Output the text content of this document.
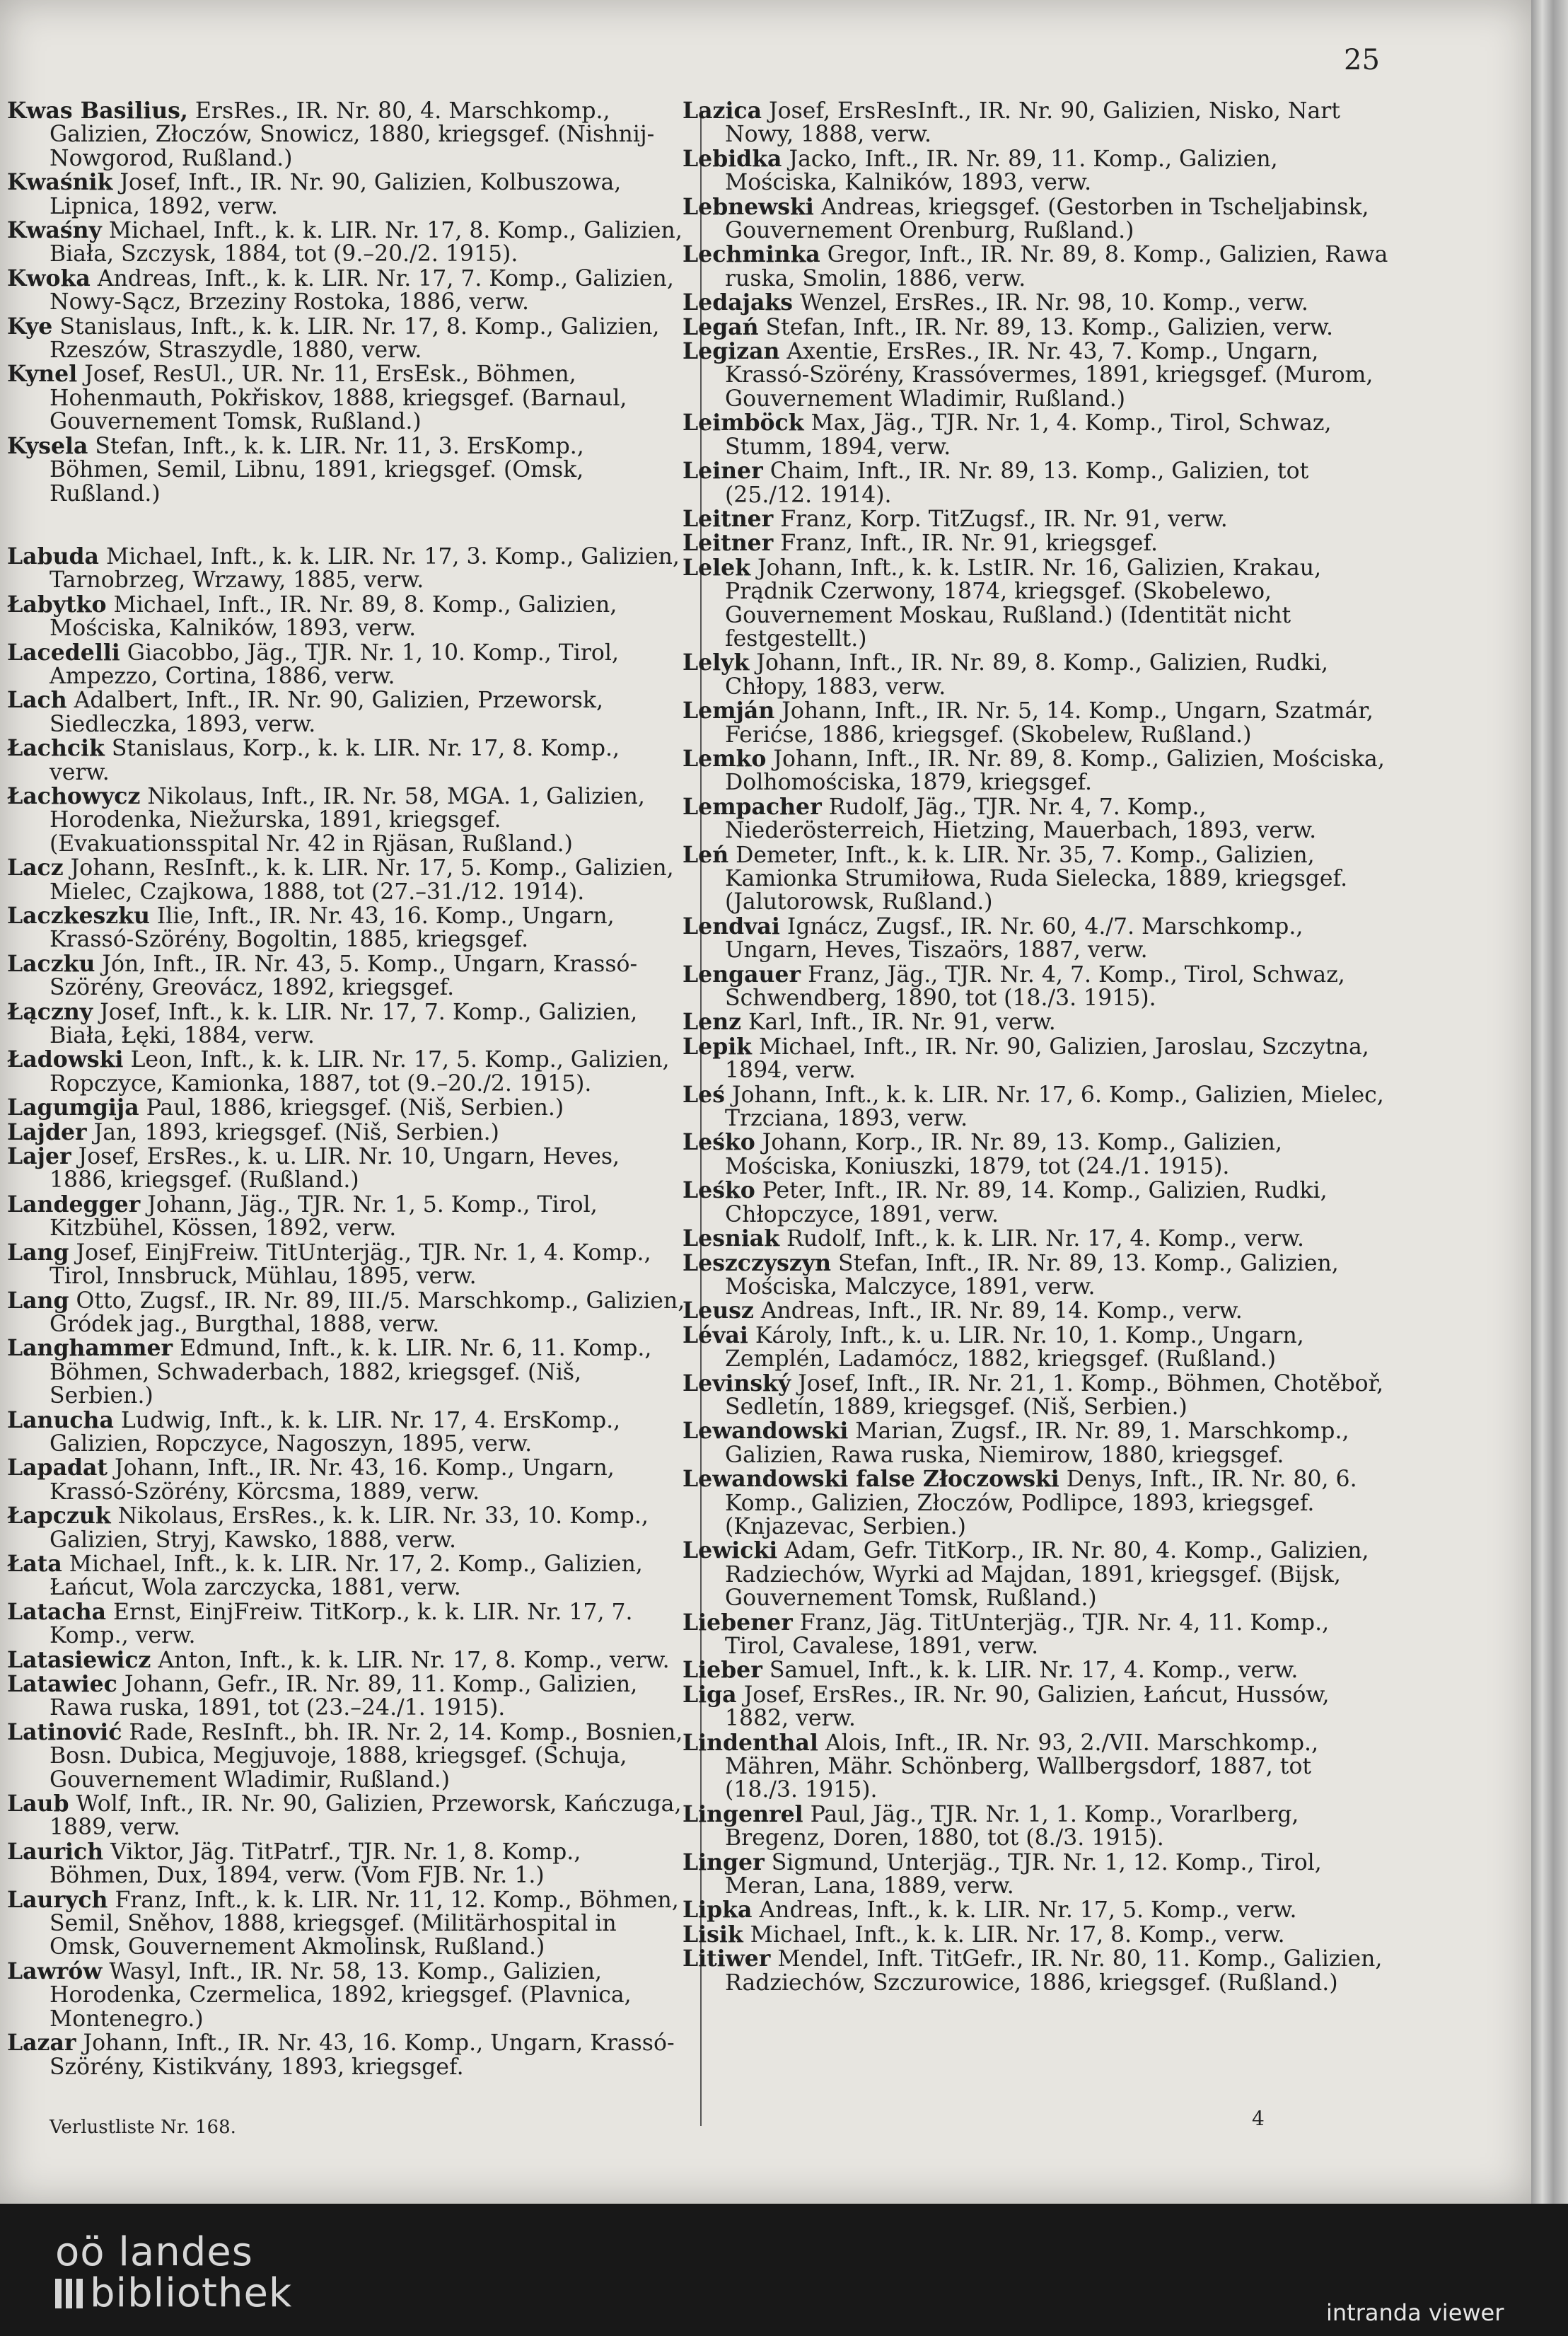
25

Kwas Basilius, ErsRes., IR. Nr. 80, 4. Marschkomp., Galizien, Złoczów, Snowicz, 1880, kriegsgef. (Nishnij-Nowgorod, Rußland.)

Kwaśnik Josef, Inft., IR. Nr. 90, Galizien, Kolbuszowa, Lipnica, 1892, verw.

Kwaśny Michael, Inft., k. k. LIR. Nr. 17, 8. Komp., Galizien, Biała, Szczysk, 1884, tot (9.–20./2. 1915).

Kwoka Andreas, Inft., k. k. LIR. Nr. 17, 7. Komp., Galizien, Nowy-Sącz, Brzeziny Rostoka, 1886, verw.

Kye Stanislaus, Inft., k. k. LIR. Nr. 17, 8. Komp., Galizien, Rzeszów, Straszydle, 1880, verw.

Kynel Josef, ResUl., UR. Nr. 11, ErsEsk., Böhmen, Hohenmauth, Pokřiskov, 1888, kriegsgef. (Barnaul, Gouvernement Tomsk, Rußland.)

Kysela Stefan, Inft., k. k. LIR. Nr. 11, 3. ErsKomp., Böhmen, Semil, Libnu, 1891, kriegsgef. (Omsk, Rußland.)

Labuda Michael, Inft., k. k. LIR. Nr. 17, 3. Komp., Galizien, Tarnobrzeg, Wrzawy, 1885, verw.

Łabytko Michael, Inft., IR. Nr. 89, 8. Komp., Galizien, Mościska, Kalników, 1893, verw.

Lacedelli Giacobbo, Jäg., TJR. Nr. 1, 10. Komp., Tirol, Ampezzo, Cortina, 1886, verw.

Lach Adalbert, Inft., IR. Nr. 90, Galizien, Przeworsk, Siedleczka, 1893, verw.

Łachcik Stanislaus, Korp., k. k. LIR. Nr. 17, 8. Komp., verw.

Łachowycz Nikolaus, Inft., IR. Nr. 58, MGA. 1, Galizien, Horodenka, Niežurska, 1891, kriegsgef. (Evakuationsspital Nr. 42 in Rjäsan, Rußland.)

Lacz Johann, ResInft., k. k. LIR. Nr. 17, 5. Komp., Galizien, Mielec, Czajkowa, 1888, tot (27.–31./12. 1914).

Laczkeszku Ilie, Inft., IR. Nr. 43, 16. Komp., Ungarn, Krassó-Szörény, Bogoltin, 1885, kriegsgef.

Laczku Jón, Inft., IR. Nr. 43, 5. Komp., Ungarn, Krassó-Szörény, Greovácz, 1892, kriegsgef.

Łączny Josef, Inft., k. k. LIR. Nr. 17, 7. Komp., Galizien, Biała, Łęki, 1884, verw.

Ładowski Leon, Inft., k. k. LIR. Nr. 17, 5. Komp., Galizien, Ropczyce, Kamionka, 1887, tot (9.–20./2. 1915).

Lagumgija Paul, 1886, kriegsgef. (Niš, Serbien.)

Lajder Jan, 1893, kriegsgef. (Niš, Serbien.)

Lajer Josef, ErsRes., k. u. LIR. Nr. 10, Ungarn, Heves, 1886, kriegsgef. (Rußland.)

Landegger Johann, Jäg., TJR. Nr. 1, 5. Komp., Tirol, Kitzbühel, Kössen, 1892, verw.

Lang Josef, EinjFreiw. TitUnterjäg., TJR. Nr. 1, 4. Komp., Tirol, Innsbruck, Mühlau, 1895, verw.

Lang Otto, Zugsf., IR. Nr. 89, III./5. Marschkomp., Galizien, Gródek jag., Burgthal, 1888, verw.

Langhammer Edmund, Inft., k. k. LIR. Nr. 6, 11. Komp., Böhmen, Schwaderbach, 1882, kriegsgef. (Niš, Serbien.)

Lanucha Ludwig, Inft., k. k. LIR. Nr. 17, 4. ErsKomp., Galizien, Ropczyce, Nagoszyn, 1895, verw.

Lapadat Johann, Inft., IR. Nr. 43, 16. Komp., Ungarn, Krassó-Szörény, Körcsma, 1889, verw.

Łapczuk Nikolaus, ErsRes., k. k. LIR. Nr. 33, 10. Komp., Galizien, Stryj, Kawsko, 1888, verw.

Łata Michael, Inft., k. k. LIR. Nr. 17, 2. Komp., Galizien, Łańcut, Wola zarczycka, 1881, verw.

Latacha Ernst, EinjFreiw. TitKorp., k. k. LIR. Nr. 17, 7. Komp., verw.

Latasiewicz Anton, Inft., k. k. LIR. Nr. 17, 8. Komp., verw.

Latawiec Johann, Gefr., IR. Nr. 89, 11. Komp., Galizien, Rawa ruska, 1891, tot (23.–24./1. 1915).

Latinović Rade, ResInft., bh. IR. Nr. 2, 14. Komp., Bosnien, Bosn. Dubica, Megjuvoje, 1888, kriegsgef. (Schuja, Gouvernement Wladimir, Rußland.)

Laub Wolf, Inft., IR. Nr. 90, Galizien, Przeworsk, Kańczuga, 1889, verw.

Laurich Viktor, Jäg. TitPatrf., TJR. Nr. 1, 8. Komp., Böhmen, Dux, 1894, verw. (Vom FJB. Nr. 1.)

Laurych Franz, Inft., k. k. LIR. Nr. 11, 12. Komp., Böhmen, Semil, Sněhov, 1888, kriegsgef. (Militärhospital in Omsk, Gouvernement Akmolinsk, Rußland.)

Lawrów Wasyl, Inft., IR. Nr. 58, 13. Komp., Galizien, Horodenka, Czermelica, 1892, kriegsgef. (Plavnica, Montenegro.)

Lazar Johann, Inft., IR. Nr. 43, 16. Komp., Ungarn, Krassó-Szörény, Kistikvány, 1893, kriegsgef.

Lazica Josef, ErsResInft., IR. Nr. 90, Galizien, Nisko, Nart Nowy, 1888, verw.

Lebidka Jacko, Inft., IR. Nr. 89, 11. Komp., Galizien, Mościska, Kalników, 1893, verw.

Lebnewski Andreas, kriegsgef. (Gestorben in Tscheljabinsk, Gouvernement Orenburg, Rußland.)

Lechminka Gregor, Inft., IR. Nr. 89, 8. Komp., Galizien, Rawa ruska, Smolin, 1886, verw.

Ledajaks Wenzel, ErsRes., IR. Nr. 98, 10. Komp., verw.

Legań Stefan, Inft., IR. Nr. 89, 13. Komp., Galizien, verw.

Legizan Axentie, ErsRes., IR. Nr. 43, 7. Komp., Ungarn, Krassó-Szörény, Krassóvermes, 1891, kriegsgef. (Murom, Gouvernement Wladimir, Rußland.)

Leimböck Max, Jäg., TJR. Nr. 1, 4. Komp., Tirol, Schwaz, Stumm, 1894, verw.

Leiner Chaim, Inft., IR. Nr. 89, 13. Komp., Galizien, tot (25./12. 1914).

Leitner Franz, Korp. TitZugsf., IR. Nr. 91, verw.

Leitner Franz, Inft., IR. Nr. 91, kriegsgef.

Lelek Johann, Inft., k. k. LstIR. Nr. 16, Galizien, Krakau, Prądnik Czerwony, 1874, kriegsgef. (Skobelewo, Gouvernement Moskau, Rußland.) (Identität nicht festgestellt.)

Lelyk Johann, Inft., IR. Nr. 89, 8. Komp., Galizien, Rudki, Chłopy, 1883, verw.

Lemján Johann, Inft., IR. Nr. 5, 14. Komp., Ungarn, Szatmár, Ferićse, 1886, kriegsgef. (Skobelew, Rußland.)

Lemko Johann, Inft., IR. Nr. 89, 8. Komp., Galizien, Mościska, Dolhomościska, 1879, kriegsgef.

Lempacher Rudolf, Jäg., TJR. Nr. 4, 7. Komp., Niederösterreich, Hietzing, Mauerbach, 1893, verw.

Leń Demeter, Inft., k. k. LIR. Nr. 35, 7. Komp., Galizien, Kamionka Strumiłowa, Ruda Sielecka, 1889, kriegsgef. (Jalutorowsk, Rußland.)

Lendvai Ignácz, Zugsf., IR. Nr. 60, 4./7. Marschkomp., Ungarn, Heves, Tiszaörs, 1887, verw.

Lengauer Franz, Jäg., TJR. Nr. 4, 7. Komp., Tirol, Schwaz, Schwendberg, 1890, tot (18./3. 1915).

Lenz Karl, Inft., IR. Nr. 91, verw.

Lepik Michael, Inft., IR. Nr. 90, Galizien, Jaroslau, Szczytna, 1894, verw.

Leś Johann, Inft., k. k. LIR. Nr. 17, 6. Komp., Galizien, Mielec, Trzciana, 1893, verw.

Leśko Johann, Korp., IR. Nr. 89, 13. Komp., Galizien, Mościska, Koniuszki, 1879, tot (24./1. 1915).

Leśko Peter, Inft., IR. Nr. 89, 14. Komp., Galizien, Rudki, Chłopczyce, 1891, verw.

Lesniak Rudolf, Inft., k. k. LIR. Nr. 17, 4. Komp., verw.

Leszczyszyn Stefan, Inft., IR. Nr. 89, 13. Komp., Galizien, Mościska, Malczyce, 1891, verw.

Leusz Andreas, Inft., IR. Nr. 89, 14. Komp., verw.

Lévai Károly, Inft., k. u. LIR. Nr. 10, 1. Komp., Ungarn, Zemplén, Ladamócz, 1882, kriegsgef. (Rußland.)

Levinský Josef, Inft., IR. Nr. 21, 1. Komp., Böhmen, Chotěboř, Sedletín, 1889, kriegsgef. (Niš, Serbien.)

Lewandowski Marian, Zugsf., IR. Nr. 89, 1. Marschkomp., Galizien, Rawa ruska, Niemirow, 1880, kriegsgef.

Lewandowski false Złoczowski Denys, Inft., IR. Nr. 80, 6. Komp., Galizien, Złoczów, Podlipce, 1893, kriegsgef. (Knjazevac, Serbien.)

Lewicki Adam, Gefr. TitKorp., IR. Nr. 80, 4. Komp., Galizien, Radziechów, Wyrki ad Majdan, 1891, kriegsgef. (Bijsk, Gouvernement Tomsk, Rußland.)

Liebener Franz, Jäg. TitUnterjäg., TJR. Nr. 4, 11. Komp., Tirol, Cavalese, 1891, verw.

Lieber Samuel, Inft., k. k. LIR. Nr. 17, 4. Komp., verw.

Liga Josef, ErsRes., IR. Nr. 90, Galizien, Łańcut, Hussów, 1882, verw.

Lindenthal Alois, Inft., IR. Nr. 93, 2./VII. Marschkomp., Mähren, Mähr. Schönberg, Wallbergsdorf, 1887, tot (18./3. 1915).

Lingenrel Paul, Jäg., TJR. Nr. 1, 1. Komp., Vorarlberg, Bregenz, Doren, 1880, tot (8./3. 1915).

Linger Sigmund, Unterjäg., TJR. Nr. 1, 12. Komp., Tirol, Meran, Lana, 1889, verw.

Lipka Andreas, Inft., k. k. LIR. Nr. 17, 5. Komp., verw.

Lisik Michael, Inft., k. k. LIR. Nr. 17, 8. Komp., verw.

Litiwer Mendel, Inft. TitGefr., IR. Nr. 80, 11. Komp., Galizien, Radziechów, Szczurowice, 1886, kriegsgef. (Rußland.)

Verlustliste Nr. 168.	4
oö landes
bibliothek	intranda viewer
